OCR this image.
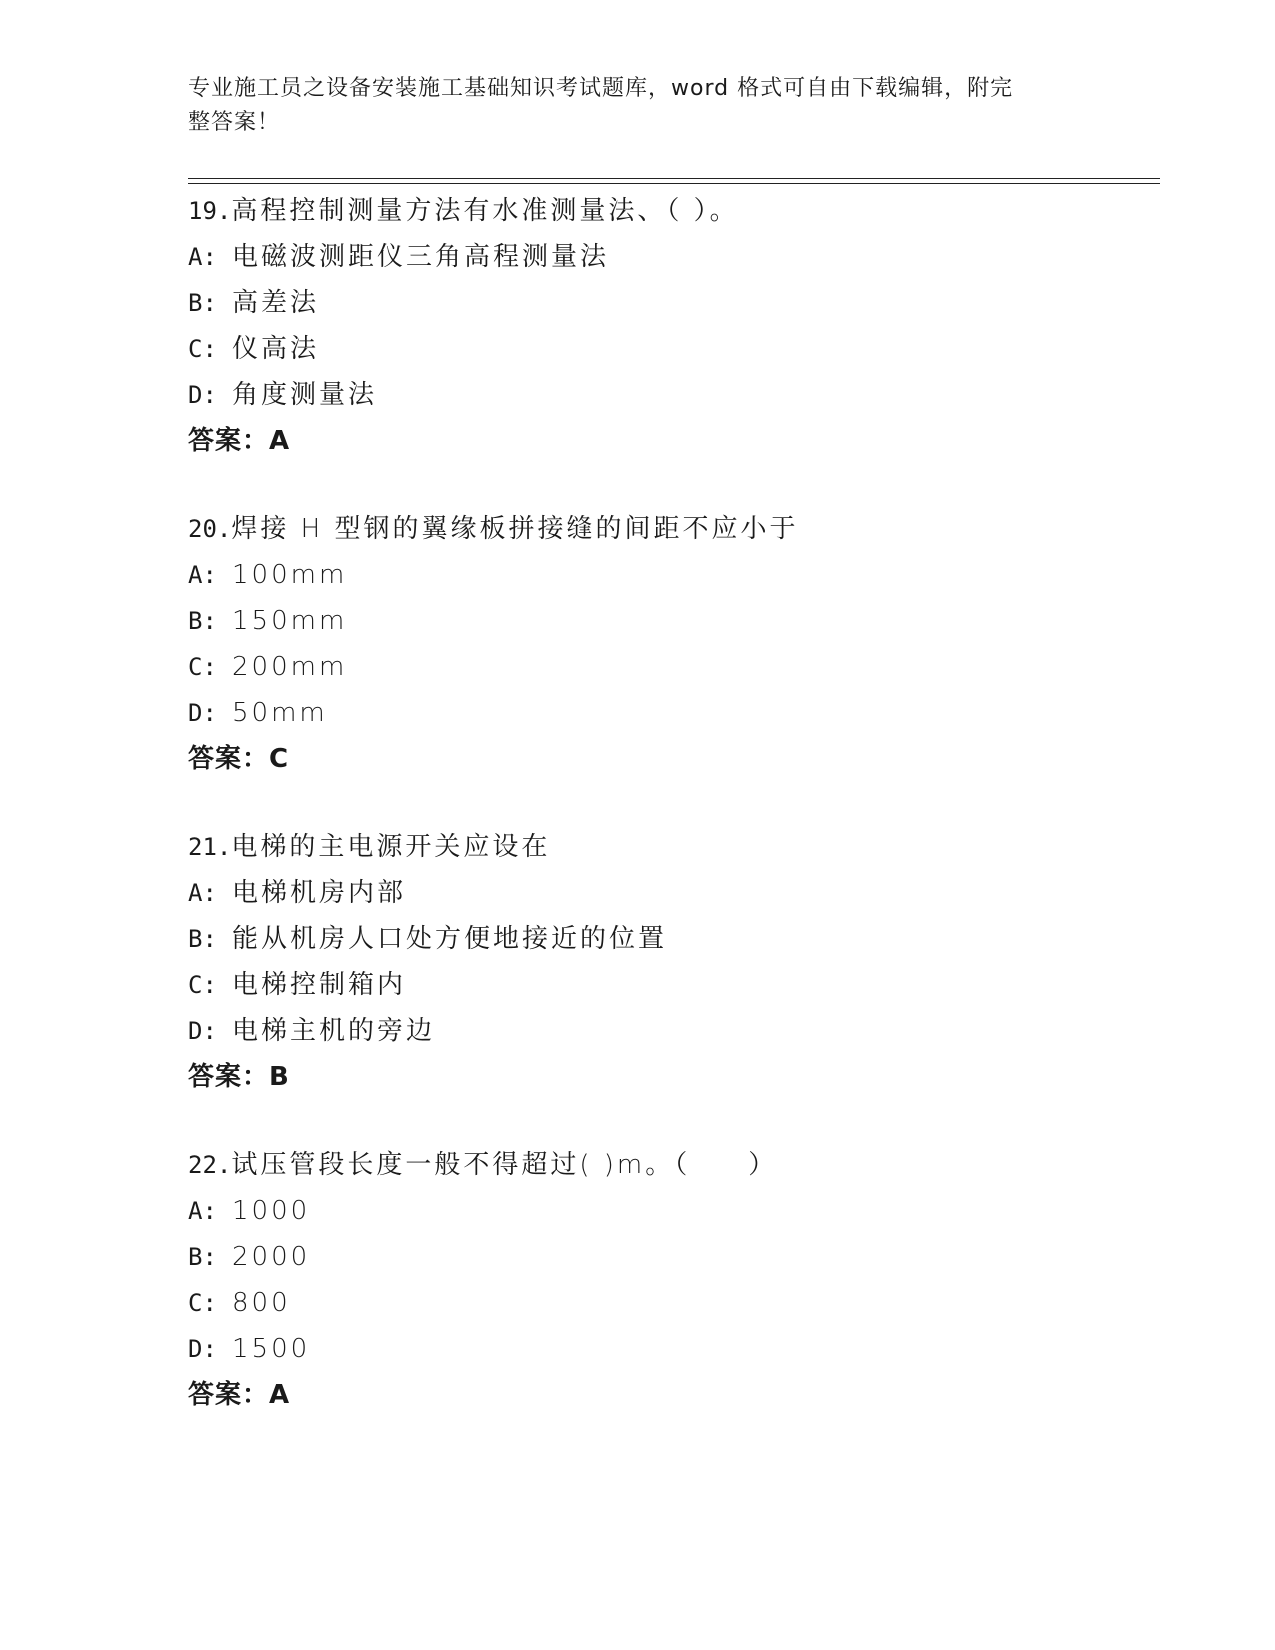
专业施工员之设备安装施工基础知识考试题库，word 格式可自由下载编辑，附完
整答案！
19.高程控制测量方法有水准测量法、（ ）。
A: 电磁波测距仪三角高程测量法
B: 高差法
C: 仪高法
D: 角度测量法
答案：A
20.焊接 H 型钢的翼缘板拼接缝的间距不应小于
A: 100mm
B: 150mm
C: 200mm
D: 50mm
答案：C
21.电梯的主电源开关应设在
A: 电梯机房内部
B: 能从机房人口处方便地接近的位置
C: 电梯控制箱内
D: 电梯主机的旁边
答案：B
22.试压管段长度一般不得超过( )m。（　　）
A: 1000
B: 2000
C: 800
D: 1500
答案：A
